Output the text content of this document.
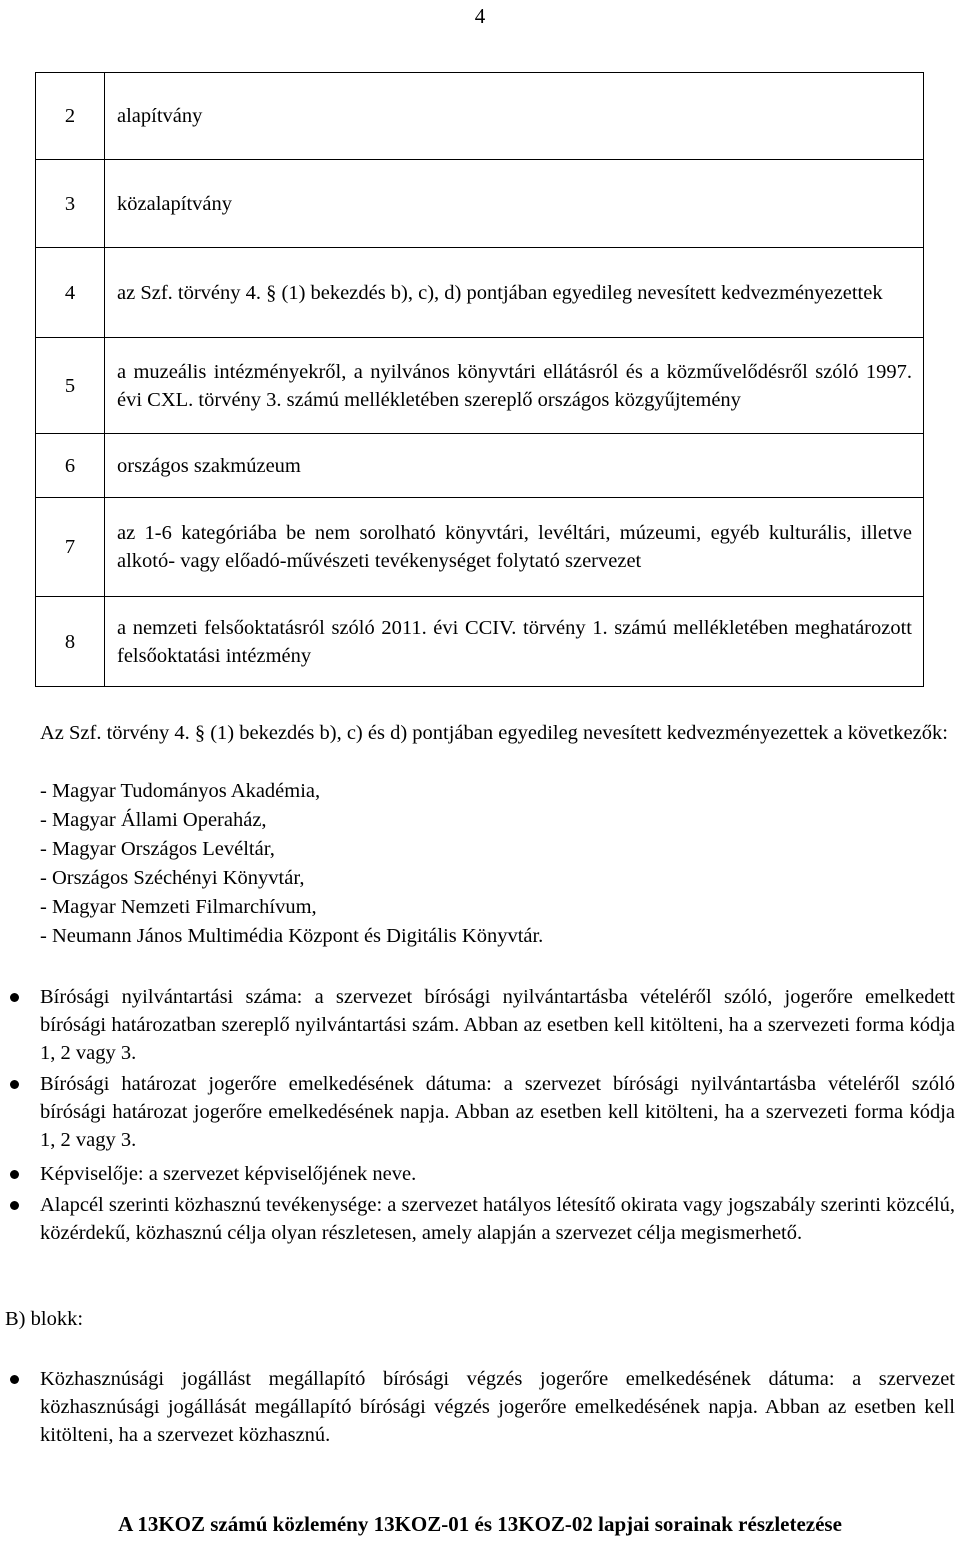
4
2	alapítvány
3	közalapítvány
4	az Szf. törvény 4. § (1) bekezdés b), c), d) pontjában egyedileg nevesített kedvezményezettek
5	a muzeális intézményekről, a nyilvános könyvtári ellátásról és a közművelődésről szóló 1997. évi CXL. törvény 3. számú mellékletében szereplő országos közgyűjtemény
6	országos szakmúzeum
7	az 1-6 kategóriába be nem sorolható könyvtári, levéltári, múzeumi, egyéb kulturális, illetve alkotó- vagy előadó-művészeti tevékenységet folytató szervezet
8	a nemzeti felsőoktatásról szóló 2011. évi CCIV. törvény 1. számú mellékletében meghatározott felsőoktatási intézmény
Az Szf. törvény 4. § (1) bekezdés b), c) és d) pontjában egyedileg nevesített kedvezményezettek a következők:
- Magyar Tudományos Akadémia,
- Magyar Állami Operaház,
- Magyar Országos Levéltár,
- Országos Széchényi Könyvtár,
- Magyar Nemzeti Filmarchívum,
- Neumann János Multimédia Központ és Digitális Könyvtár.
Bírósági nyilvántartási száma: a szervezet bírósági nyilvántartásba vételéről szóló, jogerőre emelkedett bírósági határozatban szereplő nyilvántartási szám. Abban az esetben kell kitölteni, ha a szervezeti forma kódja 1, 2 vagy 3.
Bírósági határozat jogerőre emelkedésének dátuma: a szervezet bírósági nyilvántartásba vételéről szóló bírósági határozat jogerőre emelkedésének napja. Abban az esetben kell kitölteni, ha a szervezeti forma kódja 1, 2 vagy 3.
Képviselője: a szervezet képviselőjének neve.
Alapcél szerinti közhasznú tevékenysége: a szervezet hatályos létesítő okirata vagy jogszabály szerinti közcélú, közérdekű, közhasznú célja olyan részletesen, amely alapján a szervezet célja megismerhető.
B) blokk:
Közhasznúsági jogállást megállapító bírósági végzés jogerőre emelkedésének dátuma: a szervezet közhasznúsági jogállását megállapító bírósági végzés jogerőre emelkedésének napja. Abban az esetben kell kitölteni, ha a szervezet közhasznú.
A 13KOZ számú közlemény 13KOZ-01 és 13KOZ-02 lapjai sorainak részletezése
